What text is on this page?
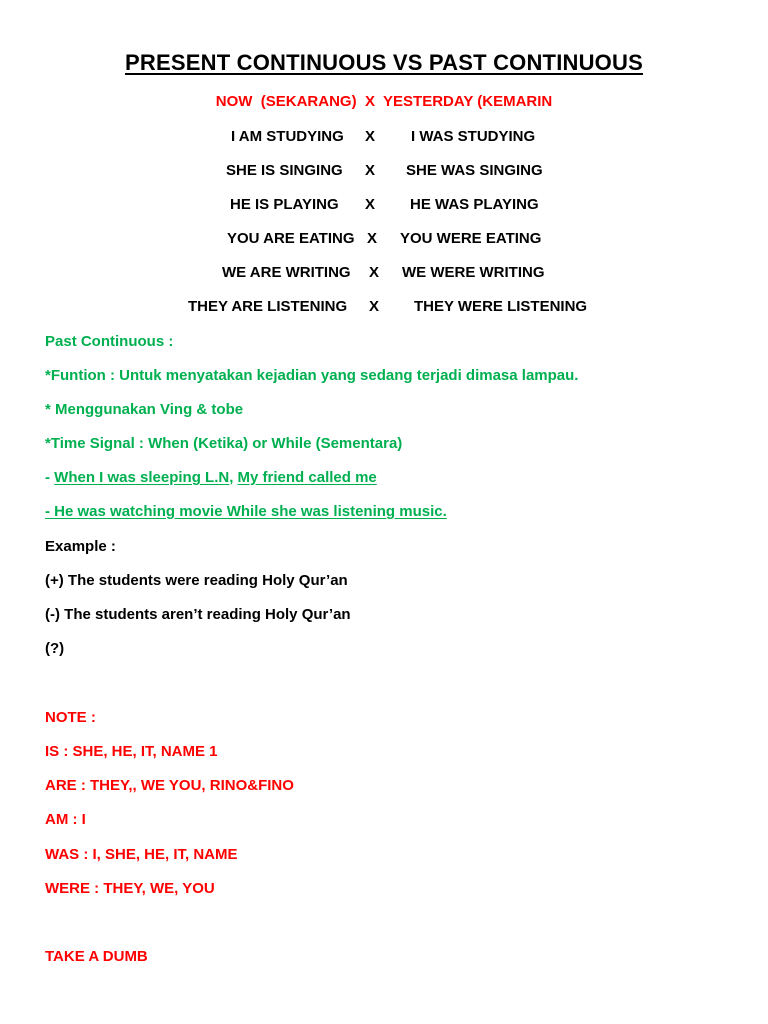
PRESENT CONTINUOUS VS PAST CONTINUOUS
NOW  (SEKARANG) X YESTERDAY (KEMARIN
I AM STUDYING X I WAS STUDYING
SHE IS SINGING X SHE WAS SINGING
HE IS PLAYING X HE WAS PLAYING
YOU ARE EATING X YOU WERE EATING
WE ARE WRITING X WE WERE WRITING
THEY ARE LISTENING X THEY WERE LISTENING
Past Continuous :
*Funtion : Untuk menyatakan kejadian yang sedang terjadi dimasa lampau.
* Menggunakan Ving & tobe
*Time Signal : When (Ketika) or While (Sementara)
- When I was sleeping L.N, My friend called me
- He was watching movie While she was listening music.
Example :
(+) The students were reading Holy Qur’an
(-) The students aren’t reading Holy Qur’an
(?)
NOTE :
IS : SHE, HE, IT, NAME 1
ARE : THEY,, WE YOU, RINO&FINO
AM : I
WAS : I, SHE, HE, IT, NAME
WERE : THEY, WE, YOU
TAKE A DUMB
